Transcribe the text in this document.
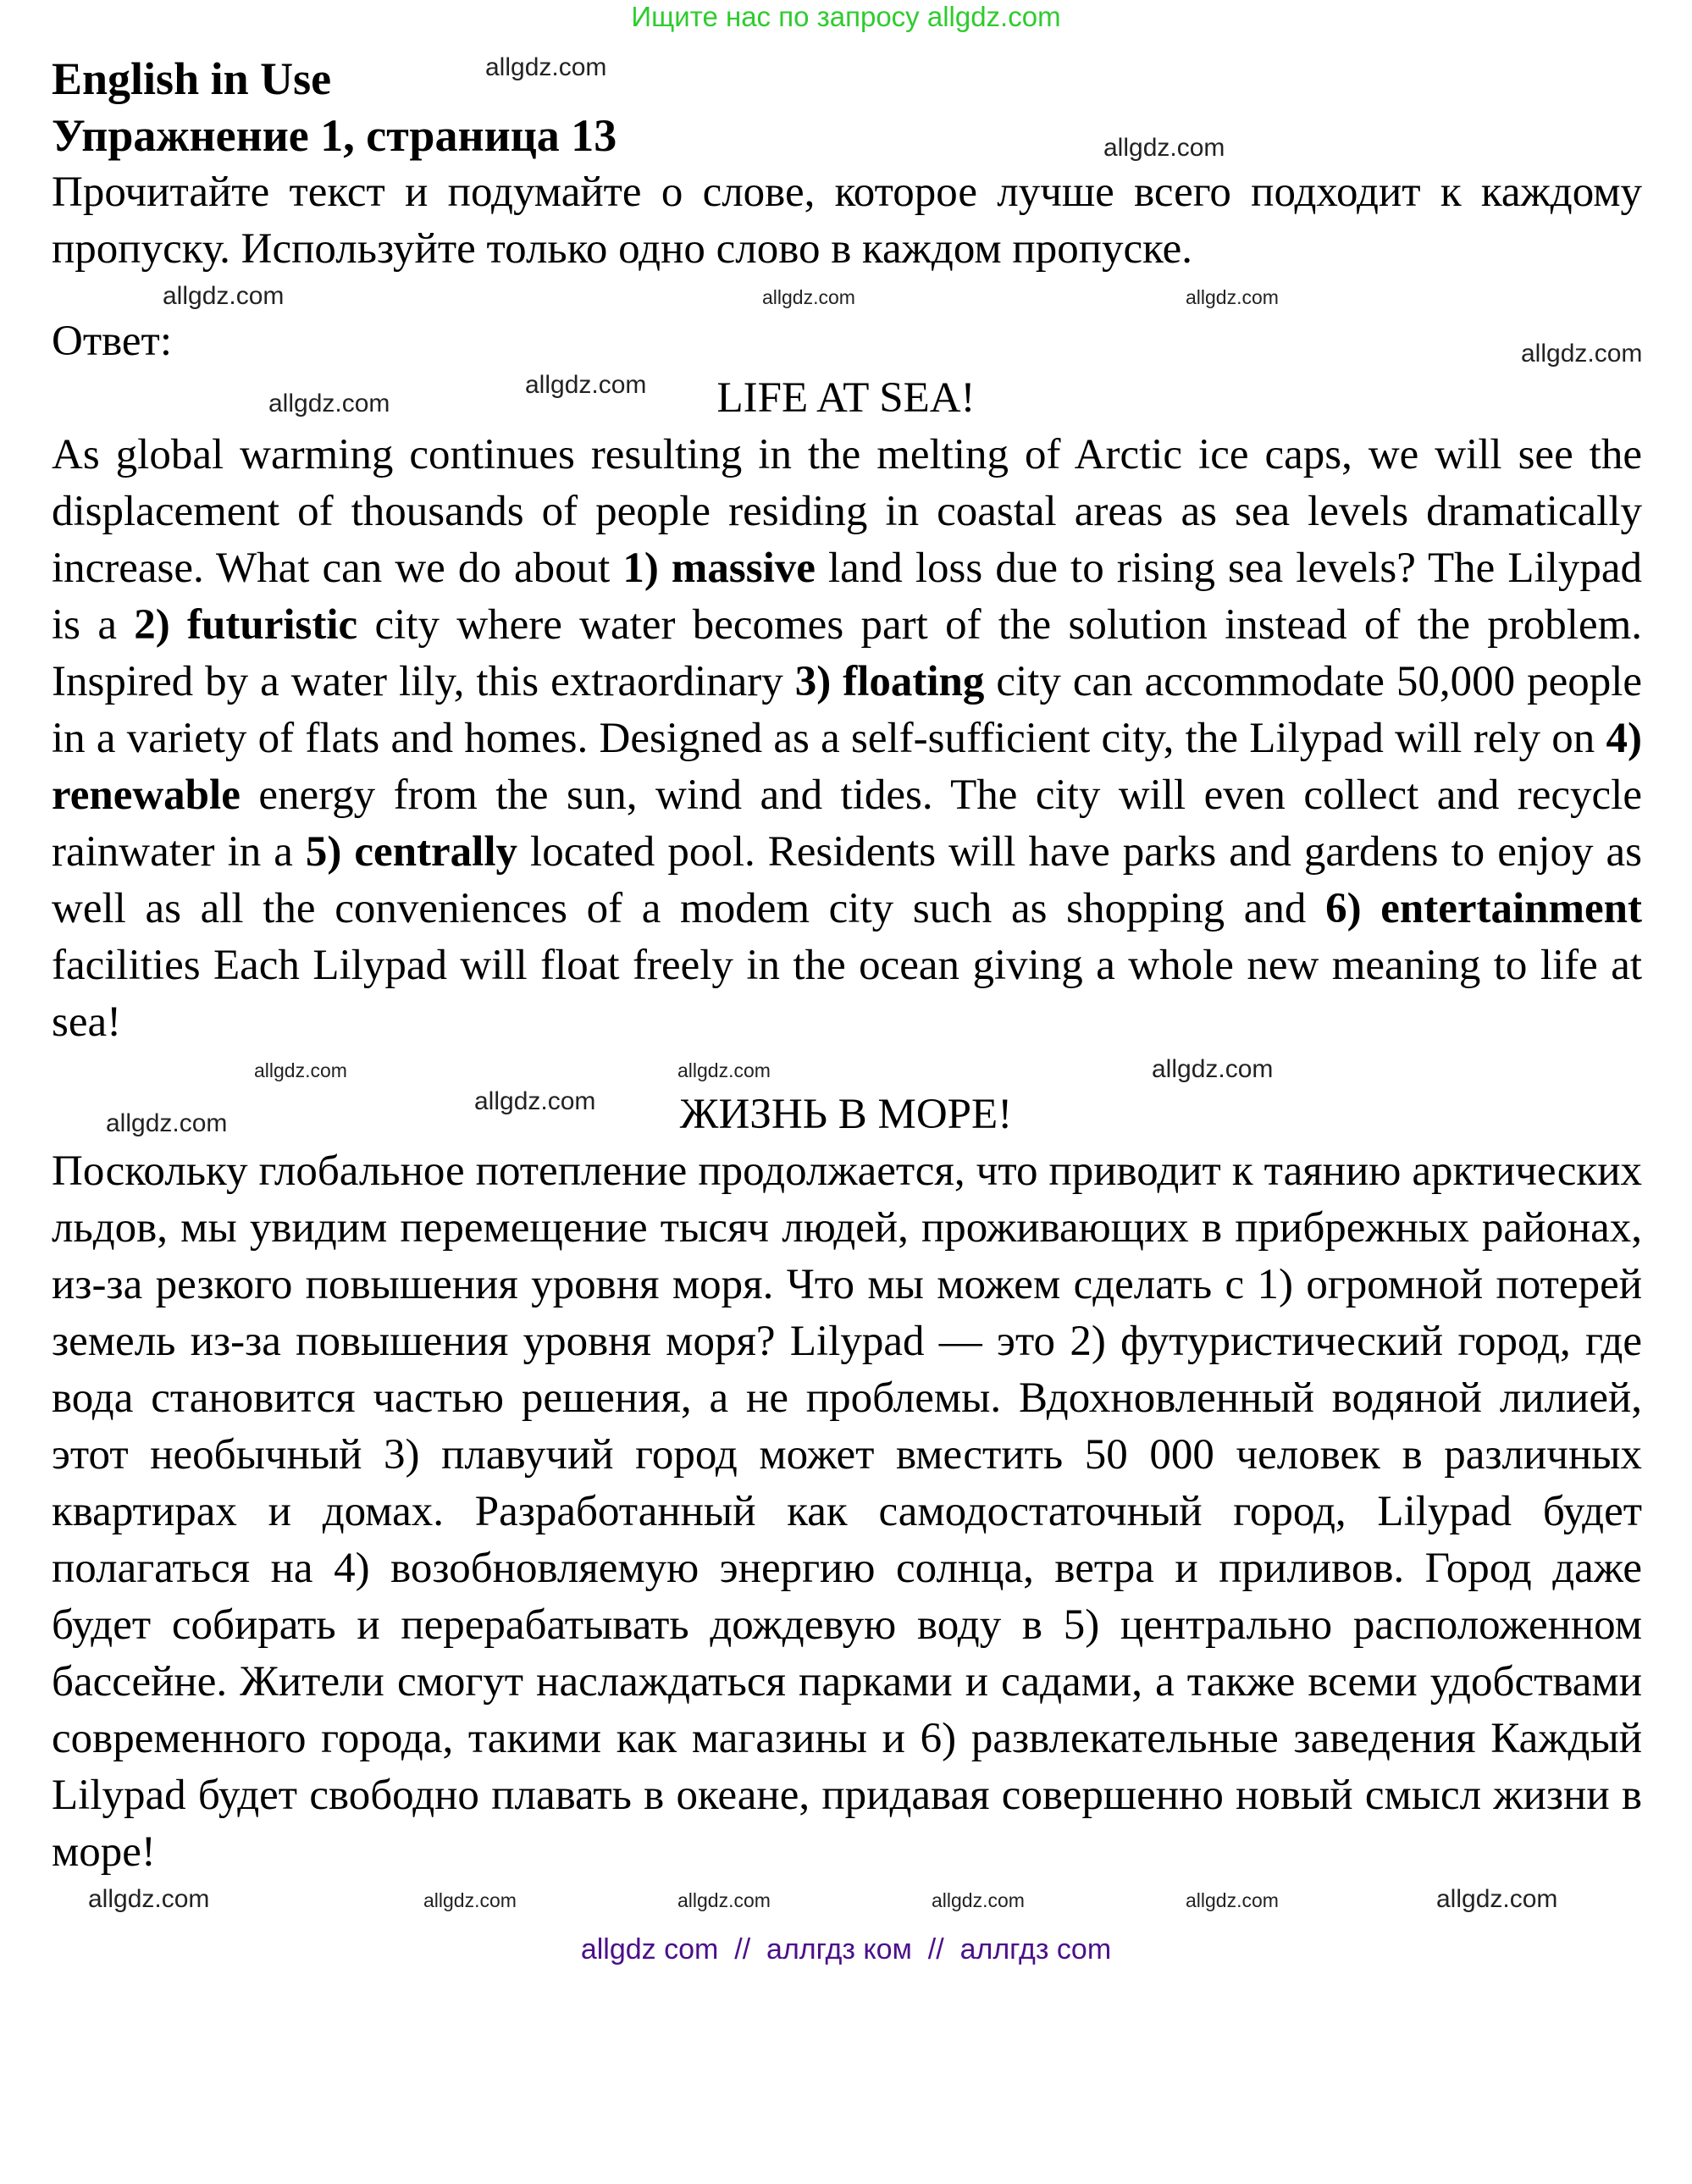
Ищите нас по запросу allgdz.com
English in Use	allgdz.com
Упражнение 1, страница 13	allgdz.com
Прочитайте текст и подумайте о слове, которое лучше всего подходит к каждому пропуску. Используйте только одно слово в каждом пропуске.
allgdz.com	allgdz.com	allgdz.com
Ответ:	allgdz.com
LIFE AT SEA!
allgdz.com
allgdz.com
As global warming continues resulting in the melting of Arctic ice caps, we will see the displacement of thousands of people residing in coastal areas as sea levels dramatically increase. What can we do about 1) massive land loss due to rising sea levels? The Lilypad is a 2) futuristic city where water becomes part of the solution instead of the problem. Inspired by a water lily, this extraordinary 3) floating city can accommodate 50,000 people in a variety of flats and homes. Designed as a self-sufficient city, the Lilypad will rely on 4) renewable energy from the sun, wind and tides. The city will even collect and recycle rainwater in a 5) centrally located pool. Residents will have parks and gardens to enjoy as well as all the conveniences of a modem city such as shopping and 6) entertainment facilities Each Lilypad will float freely in the ocean giving a whole new meaning to life at sea!
allgdz.com	allgdz.com	allgdz.com
ЖИЗНЬ В МОРЕ!
allgdz.com
allgdz.com
Поскольку глобальное потепление продолжается, что приводит к таянию арктических льдов, мы увидим перемещение тысяч людей, проживающих в прибрежных районах, из-за резкого повышения уровня моря. Что мы можем сделать с 1) огромной потерей земель из-за повышения уровня моря? Lilypad — это 2) футуристический город, где вода становится частью решения, а не проблемы. Вдохновленный водяной лилией, этот необычный 3) плавучий город может вместить 50 000 человек в различных квартирах и домах. Разработанный как самодостаточный город, Lilypad будет полагаться на 4) возобновляемую энергию солнца, ветра и приливов. Город даже будет собирать и перерабатывать дождевую воду в 5) центрально расположенном бассейне. Жители смогут наслаждаться парками и садами, а также всеми удобствами современного города, такими как магазины и 6) развлекательные заведения Каждый Lilypad будет свободно плавать в океане, придавая совершенно новый смысл жизни в море!
allgdz.com	allgdz.com	allgdz.com	allgdz.com	allgdz.com	allgdz.com
allgdz com  //  аллгдз ком  //  аллгдз com
